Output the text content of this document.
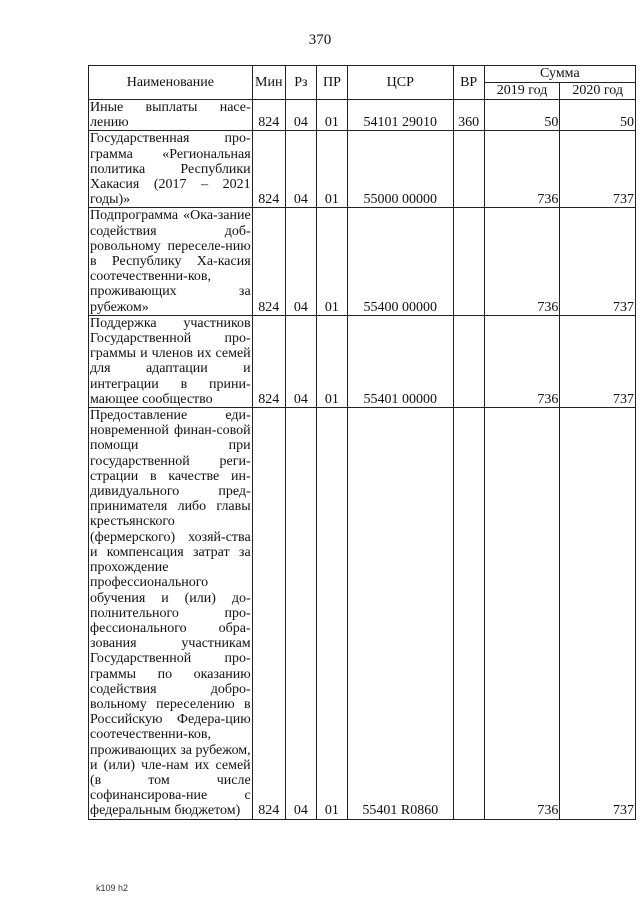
370
Наименование	Мин	Рз	ПР	ЦСР	ВР	Сумма	
						2019 год	2020 год
Иные выплаты насе-лению	824	04	01	54101 29010	360	50	50
Государственная про-грамма «Региональная политика Республики Хакасия (2017 – 2021 годы)»	824	04	01	55000 00000		736	737
Подпрограмма «Ока-зание содействия доб-ровольному переселе-нию в Республику Ха-касия соотечественни-ков, проживающих за рубежом»	824	04	01	55400 00000		736	737
Поддержка участников Государственной про-граммы и членов их семей для адаптации и интеграции в прини-мающее сообщество	824	04	01	55401 00000		736	737
Предоставление еди-новременной финан-совой помощи при государственной реги-страции в качестве ин-дивидуального пред-принимателя либо главы крестьянского (фермерского) хозяй-ства и компенсация затрат за прохождение профессионального обучения и (или) до-полнительного про-фессионального обра-зования участникам Государственной про-граммы по оказанию содействия добро-вольному переселению в Российскую Федера-цию соотечественни-ков, проживающих за рубежом, и (или) чле-нам их семей (в том числе софинансирова-ние с федеральным бюджетом)	824	04	01	55401 R0860		736	737
k109 h2
